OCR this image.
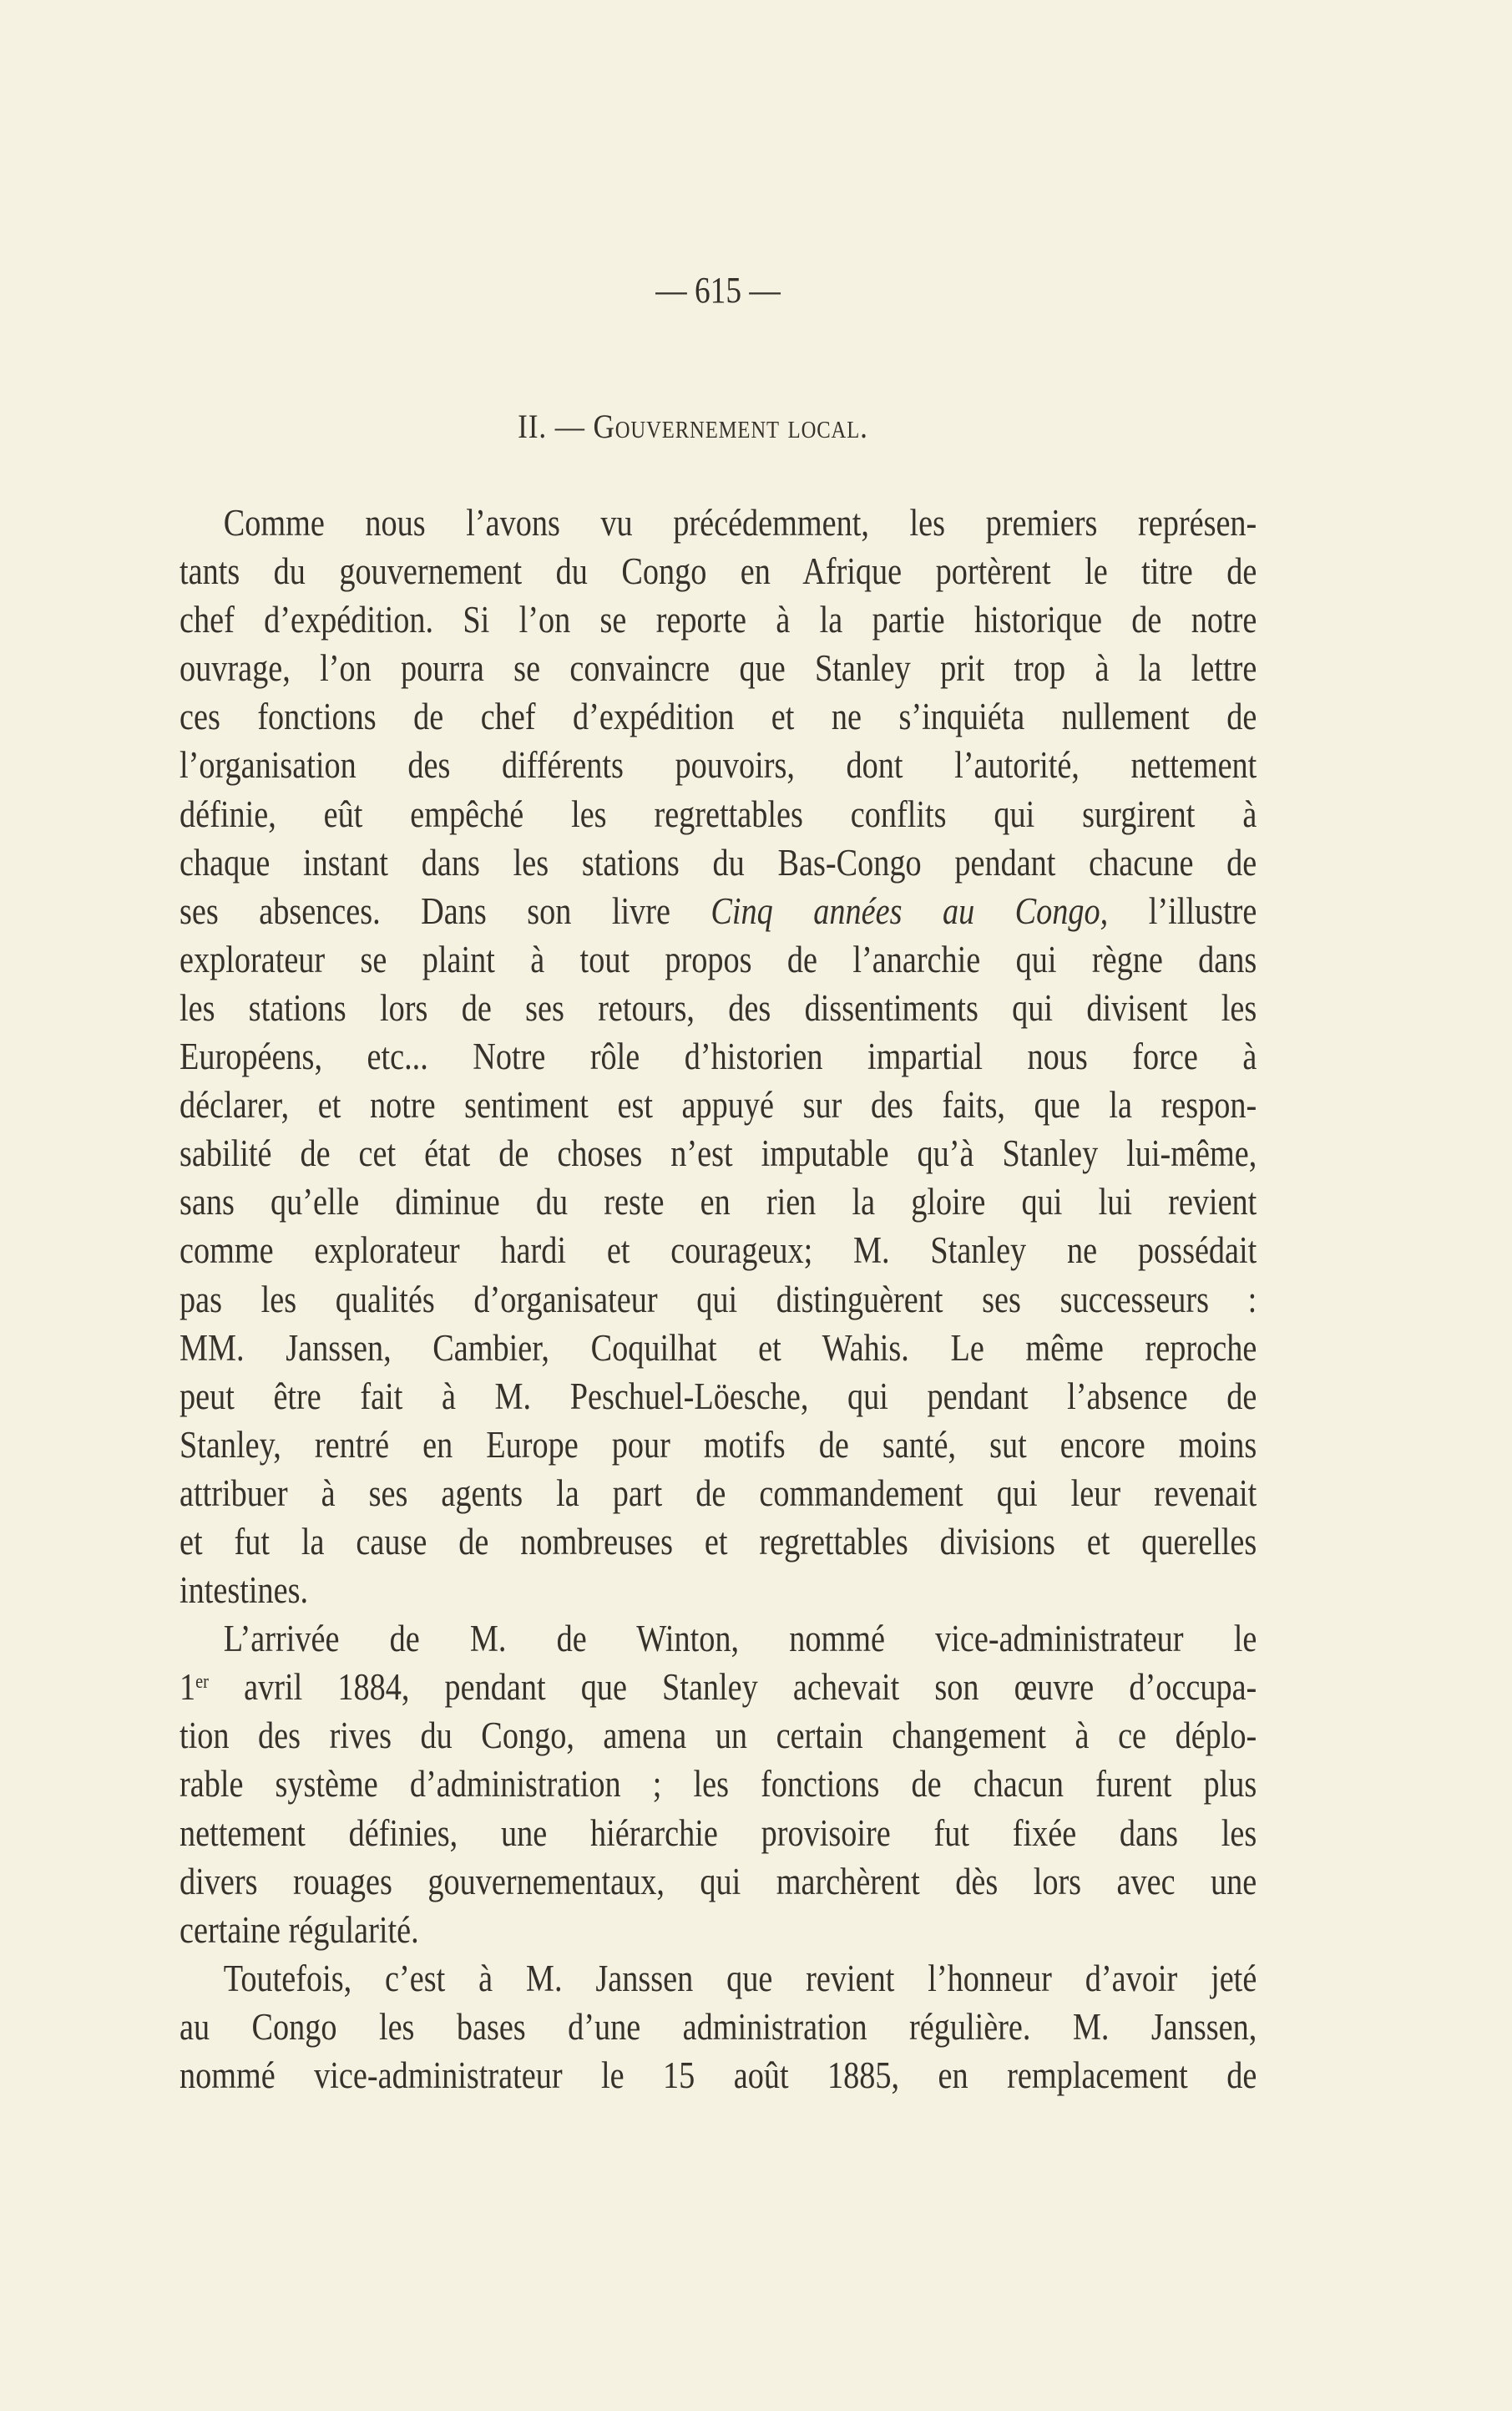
— 615 —
II. — Gouvernement local.
Comme nous l’avons vu précédemment, les premiers représen-
tants du gouvernement du Congo en Afrique portèrent le titre de
chef d’expédition. Si l’on se reporte à la partie historique de notre
ouvrage, l’on pourra se convaincre que Stanley prit trop à la lettre
ces fonctions de chef d’expédition et ne s’inquiéta nullement de
l’organisation des différents pouvoirs, dont l’autorité, nettement
définie, eût empêché les regrettables conflits qui surgirent à
chaque instant dans les stations du Bas-Congo pendant chacune de
ses absences. Dans son livre Cinq années au Congo, l’illustre
explorateur se plaint à tout propos de l’anarchie qui règne dans
les stations lors de ses retours, des dissentiments qui divisent les
Européens, etc... Notre rôle d’historien impartial nous force à
déclarer, et notre sentiment est appuyé sur des faits, que la respon-
sabilité de cet état de choses n’est imputable qu’à Stanley lui-même,
sans qu’elle diminue du reste en rien la gloire qui lui revient
comme explorateur hardi et courageux; M. Stanley ne possédait
pas les qualités d’organisateur qui distinguèrent ses successeurs :
MM. Janssen, Cambier, Coquilhat et Wahis. Le même reproche
peut être fait à M. Peschuel-Löesche, qui pendant l’absence de
Stanley, rentré en Europe pour motifs de santé, sut encore moins
attribuer à ses agents la part de commandement qui leur revenait
et fut la cause de nombreuses et regrettables divisions et querelles
intestines.
L’arrivée de M. de Winton, nommé vice-administrateur le
1er avril 1884, pendant que Stanley achevait son œuvre d’occupa-
tion des rives du Congo, amena un certain changement à ce déplo-
rable système d’administration ; les fonctions de chacun furent plus
nettement définies, une hiérarchie provisoire fut fixée dans les
divers rouages gouvernementaux, qui marchèrent dès lors avec une
certaine régularité.
Toutefois, c’est à M. Janssen que revient l’honneur d’avoir jeté
au Congo les bases d’une administration régulière. M. Janssen,
nommé vice-administrateur le 15 août 1885, en remplacement de
